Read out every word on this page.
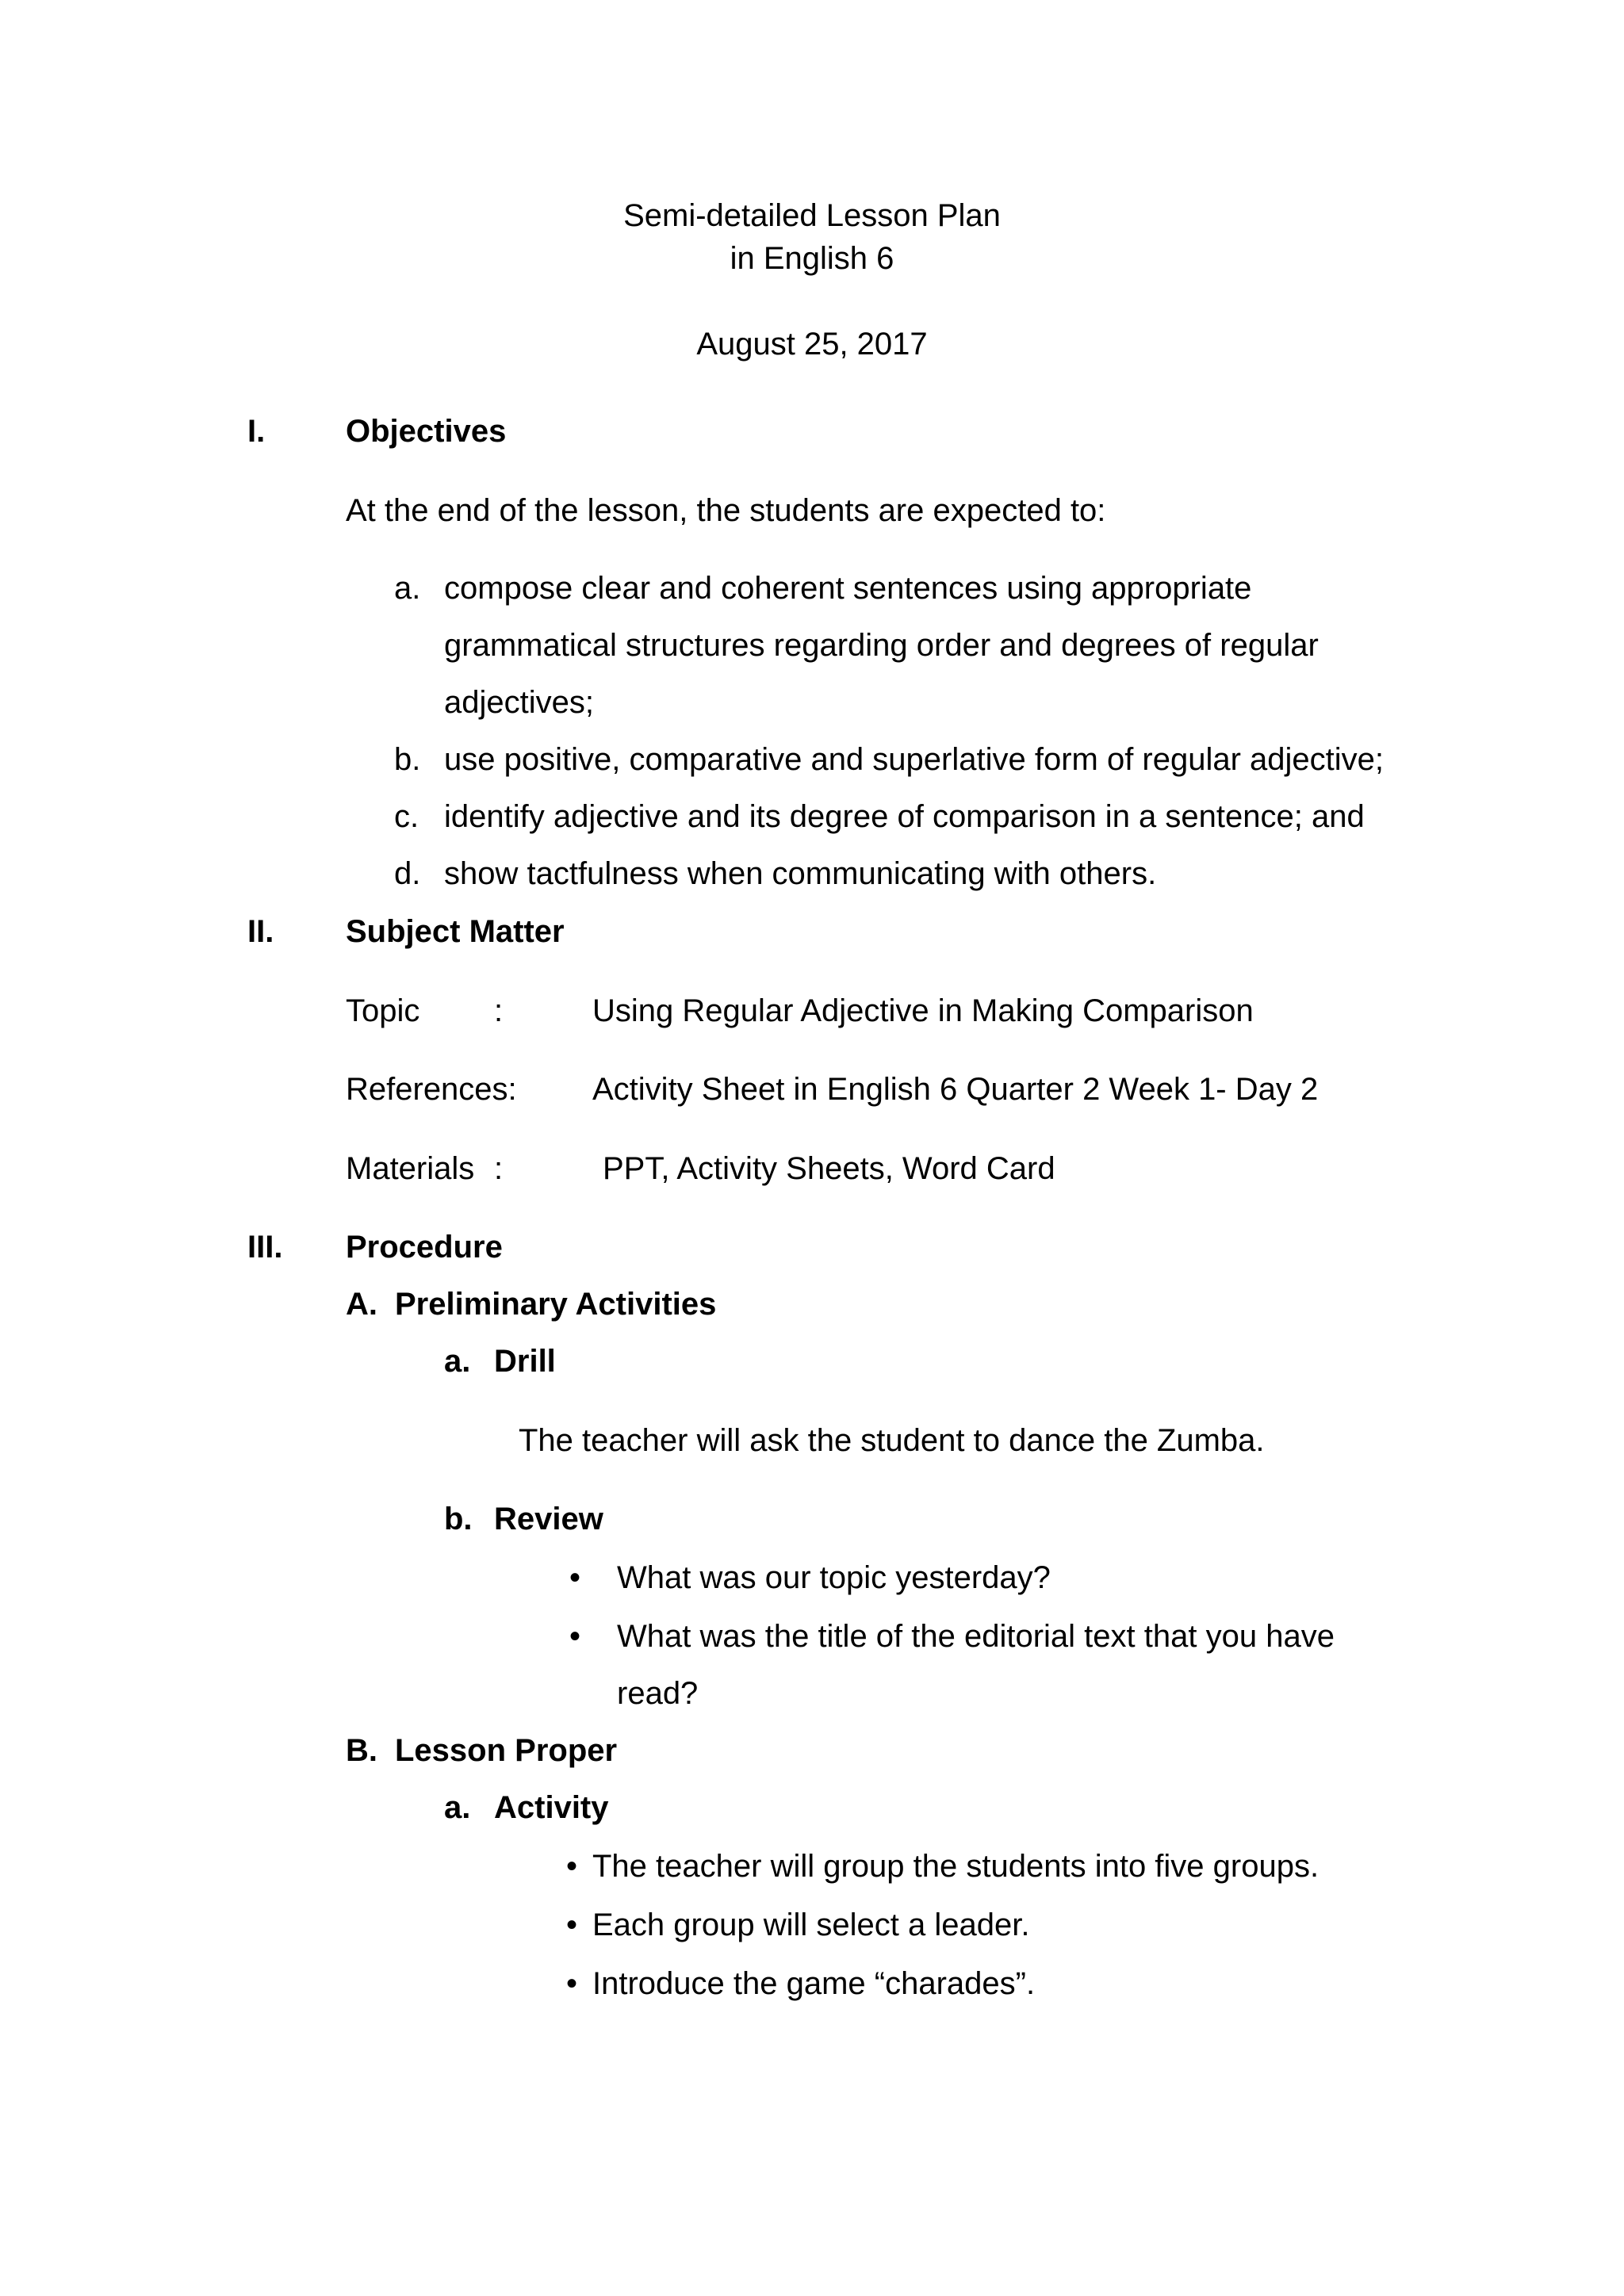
Semi-detailed Lesson Plan
in English 6
August 25, 2017
I.	Objectives
At the end of the lesson, the students are expected to:
a. compose clear and coherent sentences using appropriate
grammatical structures regarding order and degrees of regular
adjectives;
b. use positive, comparative and superlative form of regular adjective;
c. identify adjective and its degree of comparison in a sentence; and
d. show tactfulness when communicating with others.
II. Subject Matter
Topic :	Using Regular Adjective in Making Comparison
References: Activity Sheet in English 6 Quarter 2 Week 1- Day 2
Materials :	PPT, Activity Sheets, Word Card
III. Procedure
A. Preliminary Activities
a. Drill
The teacher will ask the student to dance the Zumba.
b. Review
• What was our topic yesterday?
• What was the title of the editorial text that you have
read?
B. Lesson Proper
a. Activity
• The teacher will group the students into five groups.
• Each group will select a leader.
• Introduce the game “charades”.
